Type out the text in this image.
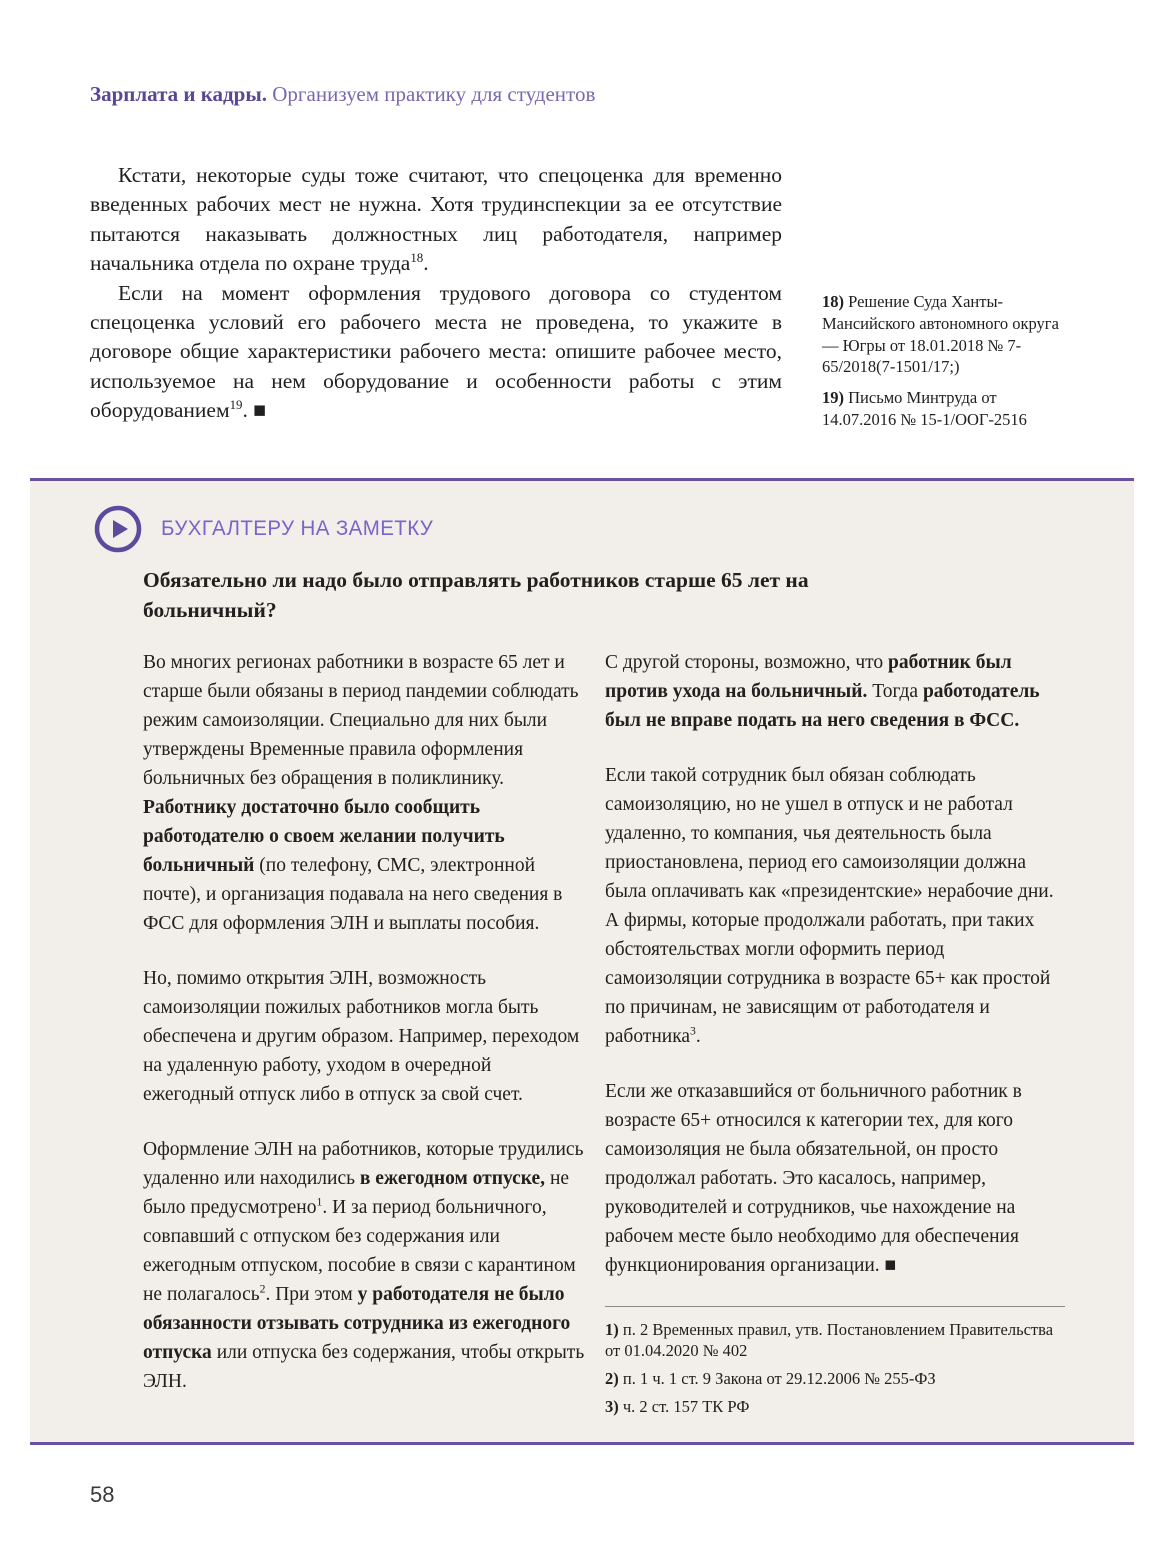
Зарплата и кадры. Организуем практику для студентов

Кстати, некоторые суды тоже считают, что спецоценка для временно введенных рабочих мест не нужна. Хотя трудинспекции за ее отсутствие пытаются наказывать должностных лиц работодателя, например начальника отдела по охране труда$^{18}$.

Если на момент оформления трудового договора со студентом спецоценка условий его рабочего места не проведена, то укажите в договоре общие характеристики рабочего места: опишите рабочее место, используемое на нем оборудование и особенности работы с этим оборудованием$^{19}$. ■

18) Решение Суда Ханты-Мансийского автономного округа — Югры от 18.01.2018 № 7-65/2018(7-1501/17;)

19) Письмо Минтруда от 14.07.2016 № 15-1/ООГ-2516

БУХГАЛТЕРУ НА ЗАМЕТКУ
Обязательно ли надо было отправлять работников старше 65 лет на больничный?

Во многих регионах работники в возрасте 65 лет и старше были обязаны в период пандемии соблюдать режим самоизоляции. Специально для них были утверждены Временные правила оформления больничных без обращения в поликлинику. Работнику достаточно было сообщить работодателю о своем желании получить больничный (по телефону, СМС, электронной почте), и организация подавала на него сведения в ФСС для оформления ЭЛН и выплаты пособия.

Но, помимо открытия ЭЛН, возможность самоизоляции пожилых работников могла быть обеспечена и другим образом. Например, переходом на удаленную работу, уходом в очередной ежегодный отпуск либо в отпуск за свой счет.

Оформление ЭЛН на работников, которые трудились удаленно или находились в ежегодном отпуске, не было предусмотрено$^1$. И за период больничного, совпавший с отпуском без содержания или ежегодным отпуском, пособие в связи с карантином не полагалось$^2$. При этом у работодателя не было обязанности отзывать сотрудника из ежегодного отпуска или отпуска без содержания, чтобы открыть ЭЛН.

С другой стороны, возможно, что работник был против ухода на больничный. Тогда работодатель был не вправе подать на него сведения в ФСС.

Если такой сотрудник был обязан соблюдать самоизоляцию, но не ушел в отпуск и не работал удаленно, то компания, чья деятельность была приостановлена, период его самоизоляции должна была оплачивать как «президентские» нерабочие дни. А фирмы, которые продолжали работать, при таких обстоятельствах могли оформить период самоизоляции сотрудника в возрасте 65+ как простой по причинам, не зависящим от работодателя и работника$^3$.

Если же отказавшийся от больничного работник в возрасте 65+ относился к категории тех, для кого самоизоляция не была обязательной, он просто продолжал работать. Это касалось, например, руководителей и сотрудников, чье нахождение на рабочем месте было необходимо для обеспечения функционирования организации. ■

1) п. 2 Временных правил, утв. Постановлением Правительства от 01.04.2020 № 402

2) п. 1 ч. 1 ст. 9 Закона от 29.12.2006 № 255-ФЗ

3) ч. 2 ст. 157 ТК РФ

58
